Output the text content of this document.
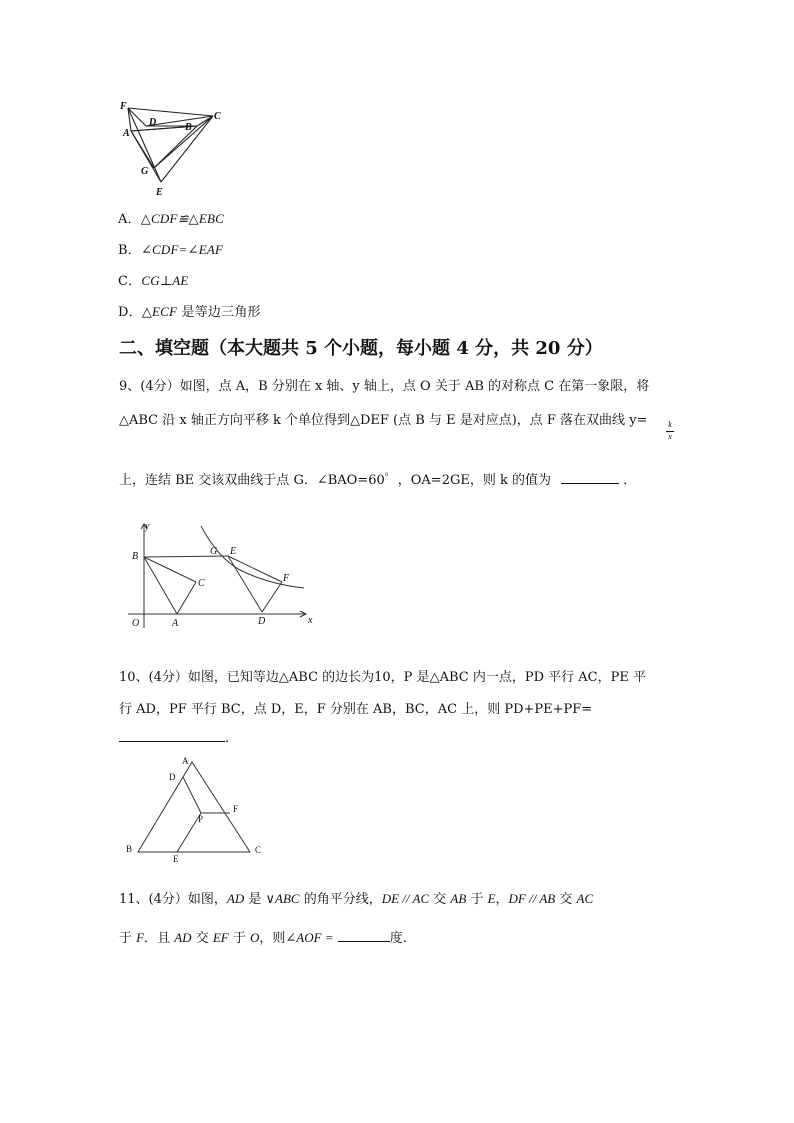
F
C
D
A
B
G
E
A．△CDF≌△EBC
B．∠CDF=∠EAF
C．CG⊥AE
D．△ECF 是等边三角形
二、填空题（本大题共 5 个小题，每小题 4 分，共 20 分）
9、(4分）如图，点 A，B 分别在 x 轴、y 轴上，点 O 关于 AB 的对称点 C 在第一象限，将
△ABC 沿 x 轴正方向平移 k 个单位得到△DEF (点 B 与 E 是对应点)，点 F 落在双曲线 y=	k
x
上，连结 BE 交该双曲线于点 G．∠BAO=60゜，OA=2GE，则 k 的值为	．
y
x
O	A
B
C
D
E
F
G
10、(4分）如图，已知等边△ABC 的边长为10，P 是△ABC 内一点，PD 平行 AC，PE 平
行 AD，PF 平行 BC，点 D，E，F 分别在 AB，BC，AC 上，则 PD+PE+PF=
.
A
D
F
P
B
E
C
11、(4分）如图，AD 是 ∨ABC 的角平分线，DE // AC 交 AB 于 E，DF // AB 交 AC
于 F．且 AD 交 EF 于 O，则∠AOF =	度.
